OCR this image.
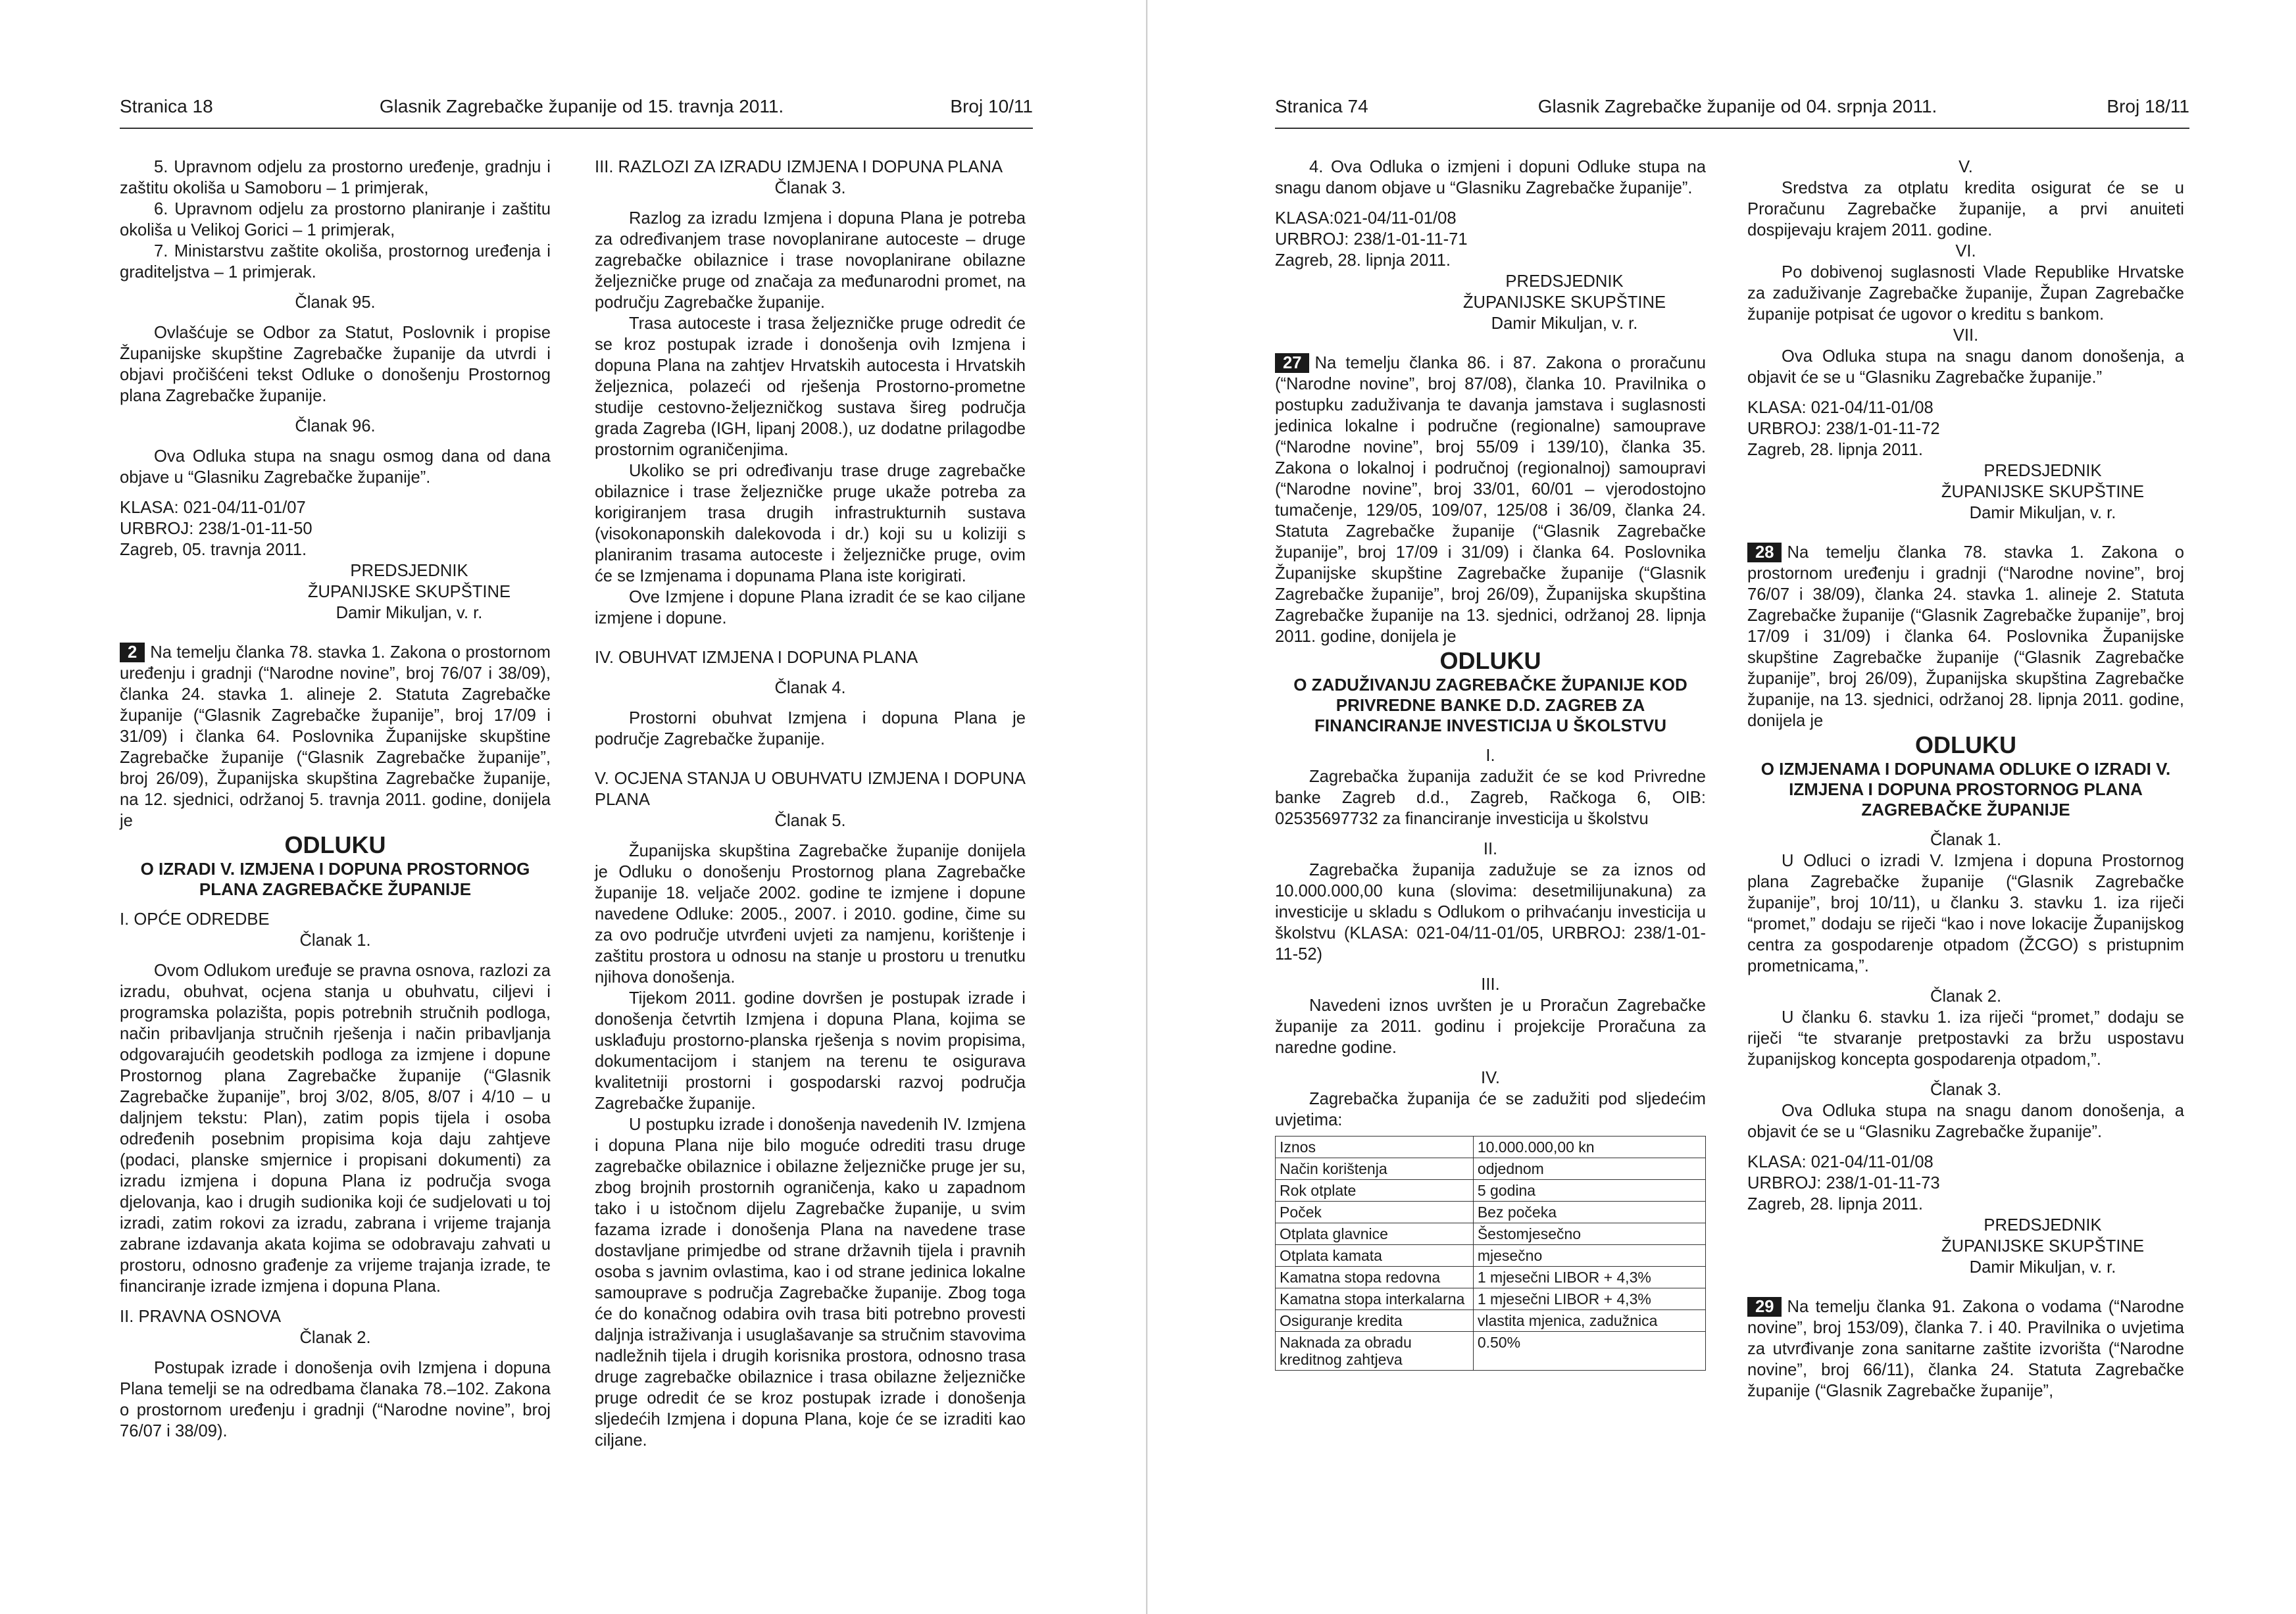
Stranica 18	Glasnik Zagrebačke županije od 15. travnja 2011.	Broj 10/11

5. Upravnom odjelu za prostorno uređenje, gradnju i zaštitu okoliša u Samoboru – 1 primjerak,

6. Upravnom odjelu za prostorno planiranje i zaštitu okoliša u Velikoj Gorici – 1 primjerak,

7. Ministarstvu zaštite okoliša, prostornog uređenja i graditeljstva – 1 primjerak.

Članak 95.

Ovlašćuje se Odbor za Statut, Poslovnik i propise Županijske skupštine Zagrebačke županije da utvrdi i objavi pročišćeni tekst Odluke o donošenju Prostornog plana Zagrebačke županije.

Članak 96.

Ova Odluka stupa na snagu osmog dana od dana objave u “Glasniku Zagrebačke županije”.

KLASA: 021-04/11-01/07

URBROJ: 238/1-01-11-50

Zagreb, 05. travnja 2011.

PREDSJEDNIK

ŽUPANIJSKE SKUPŠTINE

Damir Mikuljan, v. r.

2 Na temelju članka 78. stavka 1. Zakona o prostornom uređenju i gradnji (“Narodne novine”, broj 76/07 i 38/09), članka 24. stavka 1. alineje 2. Statuta Zagrebačke županije (“Glasnik Zagrebačke županije”, broj 17/09 i 31/09) i članka 64. Poslovnika Županijske skupštine Zagrebačke županije (“Glasnik Zagrebačke županije”, broj 26/09), Županijska skupština Zagrebačke županije, na 12. sjednici, održanoj 5. travnja 2011. godine, donijela je

ODLUKU

O IZRADI V. IZMJENA I DOPUNA PROSTORNOG PLANA ZAGREBAČKE ŽUPANIJE

I. OPĆE ODREDBE

Članak 1.

Ovom Odlukom uređuje se pravna osnova, razlozi za izradu, obuhvat, ocjena stanja u obuhvatu, ciljevi i programska polazišta, popis potrebnih stručnih podloga, način pribavljanja stručnih rješenja i način pribavljanja odgovarajućih geodetskih podloga za izmjene i dopune Prostornog plana Zagrebačke županije (“Glasnik Zagrebačke županije”, broj 3/02, 8/05, 8/07 i 4/10 – u daljnjem tekstu: Plan), zatim popis tijela i osoba određenih posebnim propisima koja daju zahtjeve (podaci, planske smjernice i propisani dokumenti) za izradu izmjena i dopuna Plana iz područja svoga djelovanja, kao i drugih sudionika koji će sudjelovati u toj izradi, zatim rokovi za izradu, zabrana i vrijeme trajanja zabrane izdavanja akata kojima se odobravaju zahvati u prostoru, odnosno građenje za vrijeme trajanja izrade, te financiranje izrade izmjena i dopuna Plana.

II. PRAVNA OSNOVA

Članak 2.

Postupak izrade i donošenja ovih Izmjena i dopuna Plana temelji se na odredbama članaka 78.–102. Zakona o prostornom uređenju i gradnji (“Narodne novine”, broj 76/07 i 38/09).

III. RAZLOZI ZA IZRADU IZMJENA I DOPUNA PLANA

Članak 3.

Razlog za izradu Izmjena i dopuna Plana je potreba za određivanjem trase novoplanirane autoceste – druge zagrebačke obilaznice i trase novoplanirane obilazne željezničke pruge od značaja za međunarodni promet, na području Zagrebačke županije.

Trasa autoceste i trasa željezničke pruge odredit će se kroz postupak izrade i donošenja ovih Izmjena i dopuna Plana na zahtjev Hrvatskih autocesta i Hrvatskih željeznica, polazeći od rješenja Prostorno-prometne studije cestovno-željezničkog sustava šireg područja grada Zagreba (IGH, lipanj 2008.), uz dodatne prilagodbe prostornim ograničenjima.

Ukoliko se pri određivanju trase druge zagrebačke obilaznice i trase željezničke pruge ukaže potreba za korigiranjem trasa drugih infrastrukturnih sustava (visokonaponskih dalekovoda i dr.) koji su u koliziji s planiranim trasama autoceste i željezničke pruge, ovim će se Izmjenama i dopunama Plana iste korigirati.

Ove Izmjene i dopune Plana izradit će se kao ciljane izmjene i dopune.

IV. OBUHVAT IZMJENA I DOPUNA PLANA

Članak 4.

Prostorni obuhvat Izmjena i dopuna Plana je područje Zagrebačke županije.

V. OCJENA STANJA U OBUHVATU IZMJENA I DOPUNA PLANA

Članak 5.

Županijska skupština Zagrebačke županije donijela je Odluku o donošenju Prostornog plana Zagrebačke županije 18. veljače 2002. godine te izmjene i dopune navedene Odluke: 2005., 2007. i 2010. godine, čime su za ovo područje utvrđeni uvjeti za namjenu, korištenje i zaštitu prostora u odnosu na stanje u prostoru u trenutku njihova donošenja.

Tijekom 2011. godine dovršen je postupak izrade i donošenja četvrtih Izmjena i dopuna Plana, kojima se usklađuju prostorno-planska rješenja s novim propisima, dokumentacijom i stanjem na terenu te osigurava kvalitetniji prostorni i gospodarski razvoj područja Zagrebačke županije.

U postupku izrade i donošenja navedenih IV. Izmjena i dopuna Plana nije bilo moguće odrediti trasu druge zagrebačke obilaznice i obilazne željezničke pruge jer su, zbog brojnih prostornih ograničenja, kako u zapadnom tako i u istočnom dijelu Zagrebačke županije, u svim fazama izrade i donošenja Plana na navedene trase dostavljane primjedbe od strane državnih tijela i pravnih osoba s javnim ovlastima, kao i od strane jedinica lokalne samouprave s područja Zagrebačke županije. Zbog toga će do konačnog odabira ovih trasa biti potrebno provesti daljnja istraživanja i usuglašavanje sa stručnim stavovima nadležnih tijela i drugih korisnika prostora, odnosno trasa druge zagrebačke obilaznice i trasa obilazne željezničke pruge odredit će se kroz postupak izrade i donošenja sljedećih Izmjena i dopuna Plana, koje će se izraditi kao ciljane.

Stranica 74	Glasnik Zagrebačke županije od 04. srpnja 2011.	Broj 18/11

4. Ova Odluka o izmjeni i dopuni Odluke stupa na snagu danom objave u “Glasniku Zagrebačke županije”.

KLASA:021-04/11-01/08

URBROJ: 238/1-01-11-71

Zagreb, 28. lipnja 2011.

PREDSJEDNIK

ŽUPANIJSKE SKUPŠTINE

Damir Mikuljan, v. r.

27 Na temelju članka 86. i 87. Zakona o proračunu (“Narodne novine”, broj 87/08), članka 10. Pravilnika o postupku zaduživanja te davanja jamstava i suglasnosti jedinica lokalne i područne (regionalne) samouprave (“Narodne novine”, broj 55/09 i 139/10), članka 35. Zakona o lokalnoj i područnoj (regionalnoj) samoupravi (“Narodne novine”, broj 33/01, 60/01 – vjerodostojno tumačenje, 129/05, 109/07, 125/08 i 36/09, članka 24. Statuta Zagrebačke županije (“Glasnik Zagrebačke županije”, broj 17/09 i 31/09) i članka 64. Poslovnika Županijske skupštine Zagrebačke županije (“Glasnik Zagrebačke županije”, broj 26/09), Županijska skupština Zagrebačke županije na 13. sjednici, održanoj 28. lipnja 2011. godine, donijela je

ODLUKU

O ZADUŽIVANJU ZAGREBAČKE ŽUPANIJE KOD PRIVREDNE BANKE D.D. ZAGREB ZA FINANCIRANJE INVESTICIJA U ŠKOLSTVU

I.

Zagrebačka županija zadužit će se kod Privredne banke Zagreb d.d., Zagreb, Račkoga 6, OIB: 02535697732 za financiranje investicija u školstvu

II.

Zagrebačka županija zadužuje se za iznos od 10.000.000,00 kuna (slovima: desetmilijunakuna) za investicije u skladu s Odlukom o prihvaćanju investicija u školstvu (KLASA: 021-04/11-01/05, URBROJ: 238/1-01-11-52)

III.

Navedeni iznos uvršten je u Proračun Zagrebačke županije za 2011. godinu i projekcije Proračuna za naredne godine.

IV.

Zagrebačka županija će se zadužiti pod sljedećim uvjetima:

Iznos	10.000.000,00 kn
Način korištenja	odjednom
Rok otplate	5 godina
Poček	Bez počeka
Otplata glavnice	Šestomjesečno
Otplata kamata	mjesečno
Kamatna stopa redovna	1 mjesečni LIBOR + 4,3%
Kamatna stopa interkalarna	1 mjesečni LIBOR + 4,3%
Osiguranje kredita	vlastita mjenica, zadužnica
Naknada za obradu kreditnog zahtjeva	0.50%

V.

Sredstva za otplatu kredita osigurat će se u Proračunu Zagrebačke županije, a prvi anuiteti dospijevaju krajem 2011. godine.

VI.

Po dobivenoj suglasnosti Vlade Republike Hrvatske za zaduživanje Zagrebačke županije, Župan Zagrebačke županije potpisat će ugovor o kreditu s bankom.

VII.

Ova Odluka stupa na snagu danom donošenja, a objavit će se u “Glasniku Zagrebačke županije.”

KLASA: 021-04/11-01/08

URBROJ: 238/1-01-11-72

Zagreb, 28. lipnja 2011.

PREDSJEDNIK

ŽUPANIJSKE SKUPŠTINE

Damir Mikuljan, v. r.

28 Na temelju članka 78. stavka 1. Zakona o prostornom uređenju i gradnji (“Narodne novine”, broj 76/07 i 38/09), članka 24. stavka 1. alineje 2. Statuta Zagrebačke županije (“Glasnik Zagrebačke županije”, broj 17/09 i 31/09) i članka 64. Poslovnika Županijske skupštine Zagrebačke županije (“Glasnik Zagrebačke županije”, broj 26/09), Županijska skupština Zagrebačke županije, na 13. sjednici, održanoj 28. lipnja 2011. godine, donijela je

ODLUKU

O IZMJENAMA I DOPUNAMA ODLUKE O IZRADI V. IZMJENA I DOPUNA PROSTORNOG PLANA ZAGREBAČKE ŽUPANIJE

Članak 1.

U Odluci o izradi V. Izmjena i dopuna Prostornog plana Zagrebačke županije (“Glasnik Zagrebačke županije”, broj 10/11), u članku 3. stavku 1. iza riječi “promet,” dodaju se riječi “kao i nove lokacije Županijskog centra za gospodarenje otpadom (ŽCGO) s pristupnim prometnicama,”.

Članak 2.

U članku 6. stavku 1. iza riječi “promet,” dodaju se riječi “te stvaranje pretpostavki za bržu uspostavu županijskog koncepta gospodarenja otpadom,”.

Članak 3.

Ova Odluka stupa na snagu danom donošenja, a objavit će se u “Glasniku Zagrebačke županije”.

KLASA: 021-04/11-01/08

URBROJ: 238/1-01-11-73

Zagreb, 28. lipnja 2011.

PREDSJEDNIK

ŽUPANIJSKE SKUPŠTINE

Damir Mikuljan, v. r.

29 Na temelju članka 91. Zakona o vodama (“Narodne novine”, broj 153/09), članka 7. i 40. Pravilnika o uvjetima za utvrđivanje zona sanitarne zaštite izvorišta (“Narodne novine”, broj 66/11), članka 24. Statuta Zagrebačke županije (“Glasnik Zagrebačke županije”,
